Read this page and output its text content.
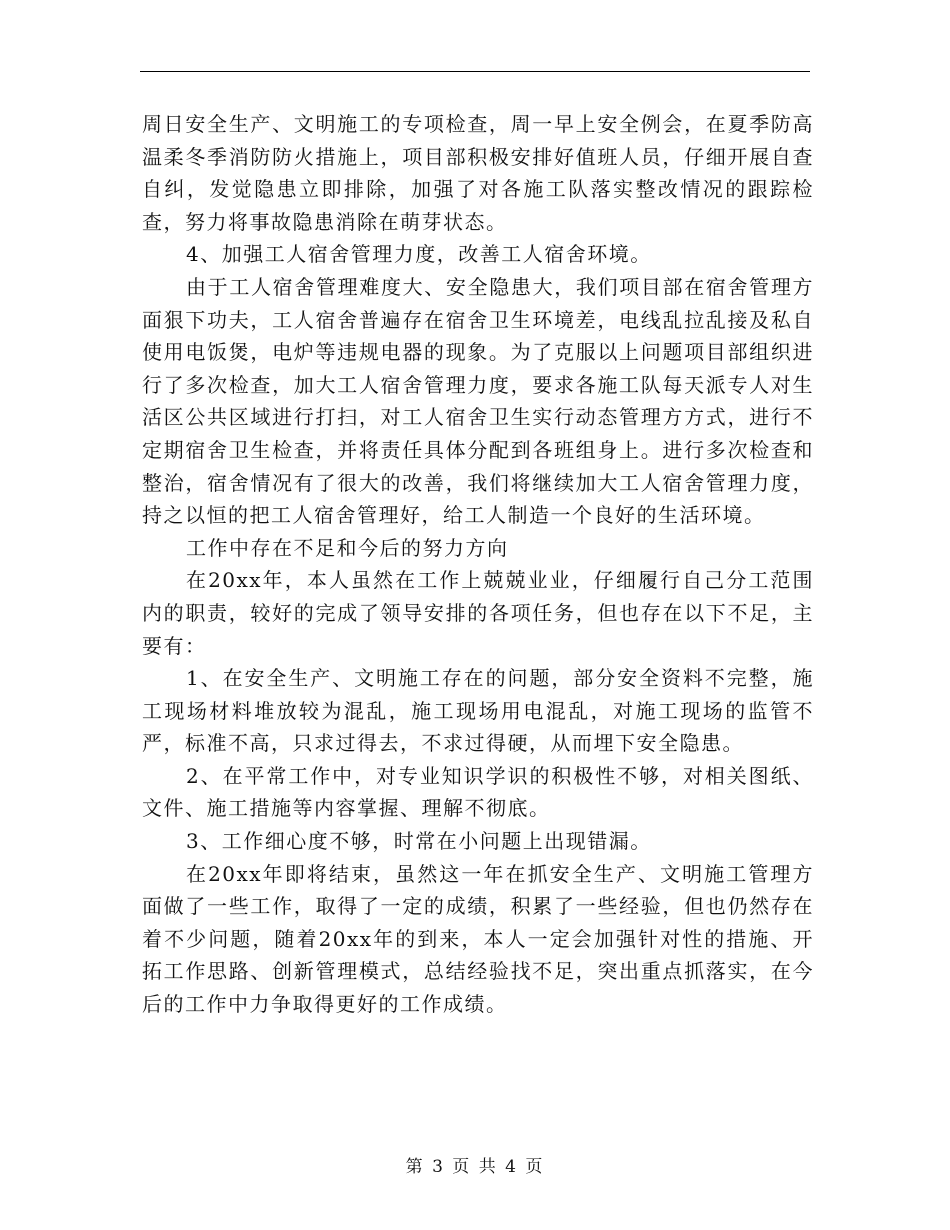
周日安全生产、文明施工的专项检查，周一早上安全例会，在夏季防高温柔冬季消防防火措施上，项目部积极安排好值班人员，仔细开展自查自纠，发觉隐患立即排除，加强了对各施工队落实整改情况的跟踪检查，努力将事故隐患消除在萌芽状态。

4、加强工人宿舍管理力度，改善工人宿舍环境。

由于工人宿舍管理难度大、安全隐患大，我们项目部在宿舍管理方面狠下功夫，工人宿舍普遍存在宿舍卫生环境差，电线乱拉乱接及私自使用电饭煲，电炉等违规电器的现象。为了克服以上问题项目部组织进行了多次检查，加大工人宿舍管理力度，要求各施工队每天派专人对生活区公共区域进行打扫，对工人宿舍卫生实行动态管理方方式，进行不定期宿舍卫生检查，并将责任具体分配到各班组身上。进行多次检查和整治，宿舍情况有了很大的改善，我们将继续加大工人宿舍管理力度，持之以恒的把工人宿舍管理好，给工人制造一个良好的生活环境。

工作中存在不足和今后的努力方向

在20xx年，本人虽然在工作上兢兢业业，仔细履行自己分工范围内的职责，较好的完成了领导安排的各项任务，但也存在以下不足，主要有：

1、在安全生产、文明施工存在的问题，部分安全资料不完整，施工现场材料堆放较为混乱，施工现场用电混乱，对施工现场的监管不严，标准不高，只求过得去，不求过得硬，从而埋下安全隐患。

2、在平常工作中，对专业知识学识的积极性不够，对相关图纸、文件、施工措施等内容掌握、理解不彻底。

3、工作细心度不够，时常在小问题上出现错漏。

在20xx年即将结束，虽然这一年在抓安全生产、文明施工管理方面做了一些工作，取得了一定的成绩，积累了一些经验，但也仍然存在着不少问题，随着20xx年的到来，本人一定会加强针对性的措施、开拓工作思路、创新管理模式，总结经验找不足，突出重点抓落实，在今后的工作中力争取得更好的工作成绩。

第 3 页 共 4 页
